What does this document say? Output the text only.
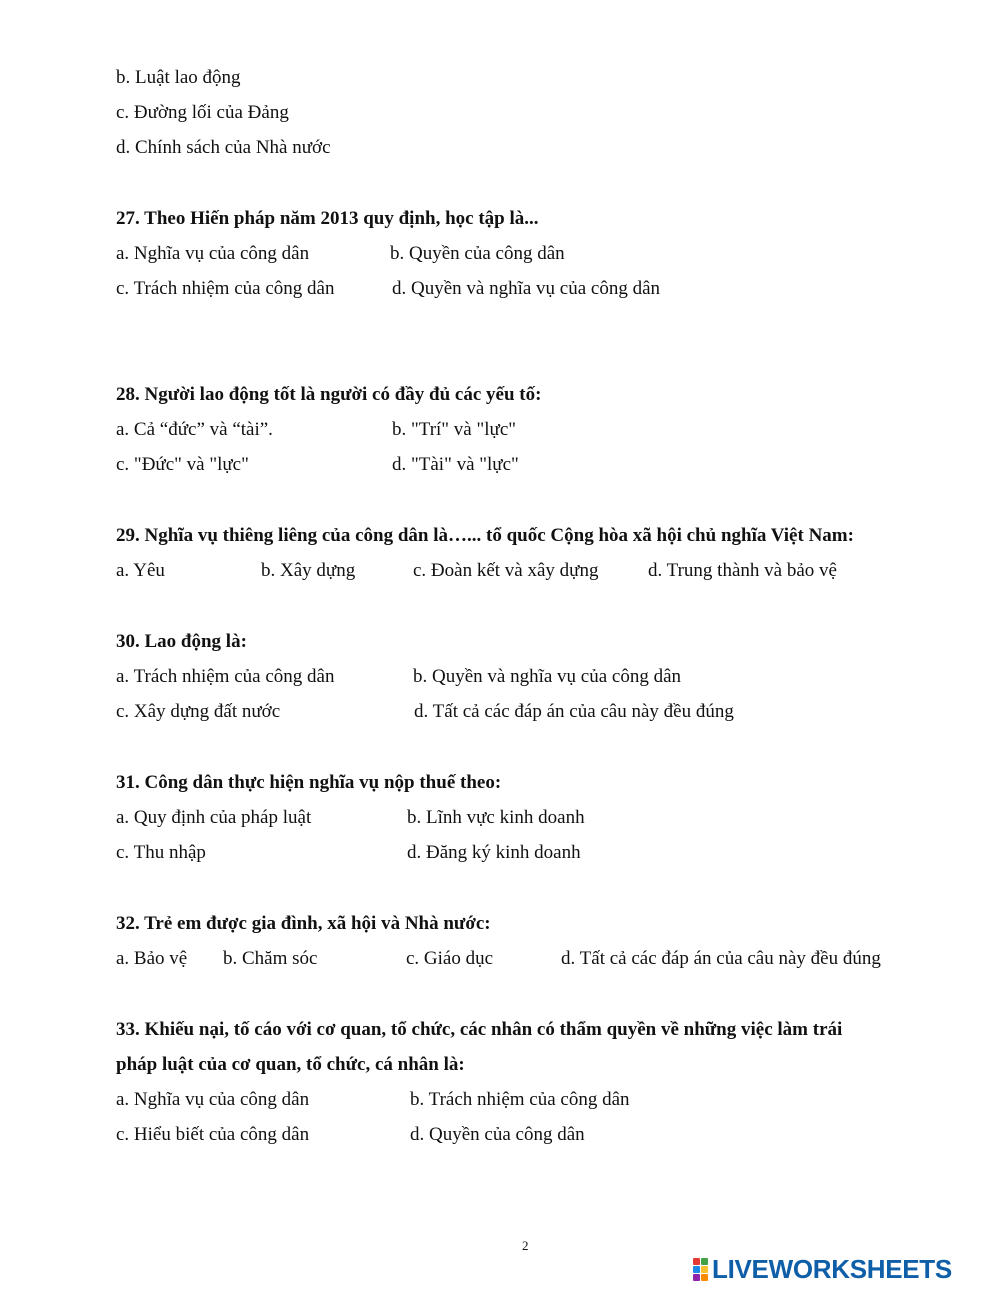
b. Luật lao động
c. Đường lối của Đảng
d. Chính sách của Nhà nước
27. Theo Hiến pháp năm 2013 quy định, học tập là...
a. Nghĩa vụ của công dân	b. Quyền của công dân
c. Trách nhiệm của công dân	d. Quyền và nghĩa vụ của công dân
28. Người lao động tốt là người có đầy đủ các yếu tố:
a. Cả “đức” và “tài”.	b. "Trí" và "lực"
c. "Đức" và "lực"	d. "Tài" và "lực"
29. Nghĩa vụ thiêng liêng của công dân là…... tổ quốc Cộng hòa xã hội chủ nghĩa Việt Nam:
a. Yêu	b. Xây dựng	c. Đoàn kết và xây dựng	d. Trung thành và bảo vệ
30. Lao động là:
a. Trách nhiệm của công dân	b. Quyền và nghĩa vụ của công dân
c. Xây dựng đất nước	d. Tất cả các đáp án của câu này đều đúng
31. Công dân thực hiện nghĩa vụ nộp thuế theo:
a. Quy định của pháp luật	b. Lĩnh vực kinh doanh
c. Thu nhập	d. Đăng ký kinh doanh
32. Trẻ em được gia đình, xã hội và Nhà nước:
a. Bảo vệ b. Chăm sóc	c. Giáo dục	d. Tất cả các đáp án của câu này đều đúng
33. Khiếu nại, tố cáo với cơ quan, tổ chức, các nhân có thẩm quyền về những việc làm trái
pháp luật của cơ quan, tổ chức, cá nhân là:
a. Nghĩa vụ của công dân	b. Trách nhiệm của công dân
c. Hiểu biết của công dân	d. Quyền của công dân
2
LIVEWORKSHEETS
